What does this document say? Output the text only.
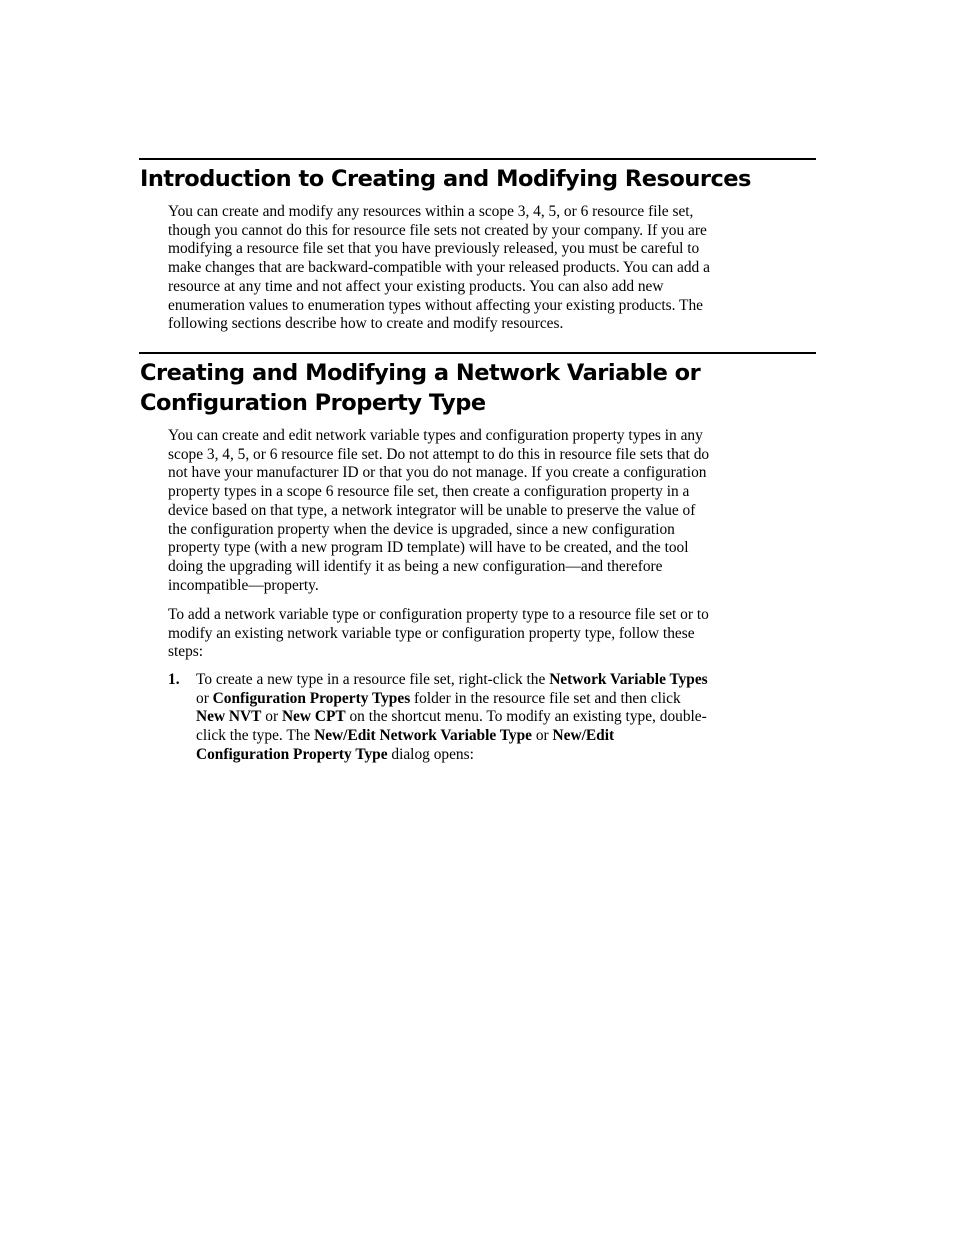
Introduction to Creating and Modifying Resources
You can create and modify any resources within a scope 3, 4, 5, or 6 resource file set,
though you cannot do this for resource file sets not created by your company. If you are
modifying a resource file set that you have previously released, you must be careful to
make changes that are backward-compatible with your released products. You can add a
resource at any time and not affect your existing products. You can also add new
enumeration values to enumeration types without affecting your existing products. The
following sections describe how to create and modify resources.
Creating and Modifying a Network Variable or
Configuration Property Type
You can create and edit network variable types and configuration property types in any
scope 3, 4, 5, or 6 resource file set. Do not attempt to do this in resource file sets that do
not have your manufacturer ID or that you do not manage. If you create a configuration
property types in a scope 6 resource file set, then create a configuration property in a
device based on that type, a network integrator will be unable to preserve the value of
the configuration property when the device is upgraded, since a new configuration
property type (with a new program ID template) will have to be created, and the tool
doing the upgrading will identify it as being a new configuration—and therefore
incompatible—property.
To add a network variable type or configuration property type to a resource file set or to
modify an existing network variable type or configuration property type, follow these
steps:
1. To create a new type in a resource file set, right-click the Network Variable Types
or Configuration Property Types folder in the resource file set and then click
New NVT or New CPT on the shortcut menu. To modify an existing type, double-
click the type. The New/Edit Network Variable Type or New/Edit
Configuration Property Type dialog opens:
